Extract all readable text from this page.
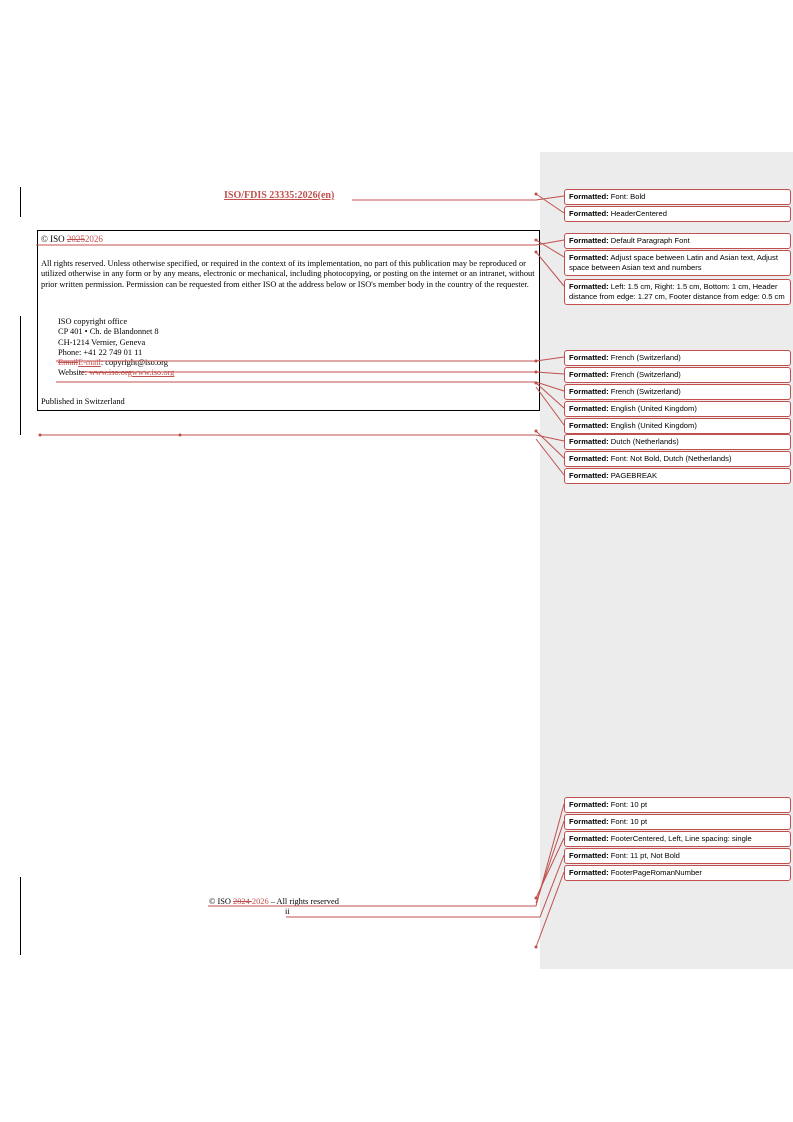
ISO/FDIS 23335:2026(en)
© ISO 20252026
All rights reserved. Unless otherwise specified, or required in the context of its implementation, no part of this publication may be reproduced or utilized otherwise in any form or by any means, electronic or mechanical, including photocopying, or posting on the internet or an intranet, without prior written permission. Permission can be requested from either ISO at the address below or ISO's member body in the country of the requester.
ISO copyright office
CP 401 • Ch. de Blandonnet 8
CH-1214 Vernier, Geneva
Phone: +41 22 749 01 11
EmailE-mail: copyright@iso.org
Website: www.iso.orgwww.iso.org
Published in Switzerland
© ISO 2024 2026 – All rights reserved
ii
Formatted: Font: Bold
Formatted: HeaderCentered
Formatted: Default Paragraph Font
Formatted: Adjust space between Latin and Asian text, Adjust space between Asian text and numbers
Formatted: Left: 1.5 cm, Right: 1.5 cm, Bottom: 1 cm, Header distance from edge: 1.27 cm, Footer distance from edge: 0.5 cm
Formatted: French (Switzerland)
Formatted: French (Switzerland)
Formatted: French (Switzerland)
Formatted: English (United Kingdom)
Formatted: English (United Kingdom)
Formatted: Dutch (Netherlands)
Formatted: Font: Not Bold, Dutch (Netherlands)
Formatted: PAGEBREAK
Formatted: Font: 10 pt
Formatted: Font: 10 pt
Formatted: FooterCentered, Left, Line spacing: single
Formatted: Font: 11 pt, Not Bold
Formatted: FooterPageRomanNumber
